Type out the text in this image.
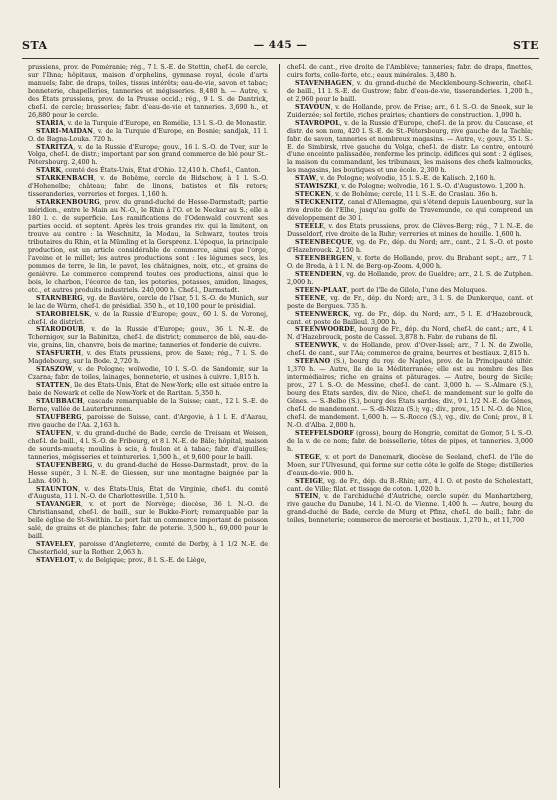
STA	— 445 —	STE

prussiens, prov. de Poméranie; rég., 7 l. S.-E. de Stettin, chef-l. de cercle, sur l'Ihna; hôpitaux, maison d'orphelins, gymnase royal, école d'arts manuels; fabr. de draps, toiles, tissus intérêts; eau-de-vie, savon et tabac; bonneterie, chapelleries, tanneries et mégisseries. 8,480 h. — Autre, v. des États prussiens, prov. de la Prusse occid.; rég., 9 l. S. de Dantrick, chef-l. de cercle; brasseries; fabr. d'eau-de-vie et tanneries. 3,690 h., et 26,880 pour le cercle.

STARIA, v. de la Turquie d'Europe, en Romélie, 13 l. S.-O. de Monastir.

STARI-MAIDAN, v. de la Turquie d'Europe, en Bosnie; sandjak, 11 l. O. de Bagna-Louka. 720 h.

STARITZA, v. de la Russie d'Europe; gouv., 16 l. S.-O. de Tver, sur le Volga, chef-l. de distr.; important par son grand commerce de blé pour St.-Pétersbourg. 2,400 h.

STARK, comté des États-Unis, État d'Ohio. 12,410 h. Chef-l., Canton.

STARKENBACH, v. de Bohême, cercle de Bidschow, à 1 l. S.-O. d'Hohenelbe; château; fabr. de linons, batistes et fils retors; tisseranderies, verreries et forges. 1,160 h.

STARKENBOURG, prov. du grand-duché de Hesse-Darmstadt; partie méridion., entre le Main au N.-O., le Rhin à l'O. et le Neckar au S.; elle a 180 l. c. de superficie. Les ramifications de l'Odenwald couvrent ses parties occid. et septent. Après les trois grandes riv. qui la limitent, on trouve au centre : la Weschnitz, la Modau, la Schwarz, toutes trois tributaires du Rhin, et la Mümling et la Gersprenz. L'époque, la principale production, est un article considérable de commerce, ainsi que l'orge, l'avoine et le millet; les autres productions sont : les légumes secs, les pommes de terre, le lin, le pavot, les châtaignes, noix, etc., et grains de genièvre. Le commerce comprend toutes ces productions, ainsi que le bois, le charbon, l'écorce de tan, les poteries, potasses, amidon, linages, etc., et autres produits industriels. 240,000 h. Chef-l., Darmstadt.

STARNBERG, vg. de Bavière, cercle de l'Isar, 5 l. S.-O. de Munich, sur le lac de Würm, chef-l. de présidial. 350 h., et 10,100 pour le présidial.

STAROBIELSK, v. de la Russie d'Europe; gouv., 60 l. S. de Voronej, chef-l. de district.

STARODOUB, v. de la Russie d'Europe; gouv., 36 l. N.-E. de Tchernigov, sur la Babinitza, chef-l. de district; commerce de blé, eau-de-vie, grains, lin, chanvre, bois de marine; tanneries et fonderie de cuivre.

STASFURTH, v. des États prussiens, prov. de Saxe; rég., 7 l. S. de Magdebourg, sur la Bode. 2,720 h.

STASZOW, v. de Pologne; woïwodie, 10 l. S.-O. de Sandomir, sur la Czarna; fabr. de toiles, lainages, bonneterie, et usines à cuivre. 1,815 h.

STATTEN, île des États-Unis, État de New-York; elle est située entre la baie de Newark et celle de New-York et de Raritan. 5,350 h.

STAUBBACH, cascade remarquable de la Suisse; cant., 12 l. S.-E. de Berne, vallée de Lauterbrunnen.

STAUFBERG, paroisse de Suisse, cant. d'Argovie, à 1 l. E. d'Aarau, rive gauche de l'Aa. 2,163 h.

STAUFEN, v. du grand-duché de Bade, cercle de Treisam et Weisen, chef-l. de baill., 4 l. S.-O. de Fribourg, et 8 l. N.-E. de Bâle; hôpital, maison de sourds-muets; moulins à scie, à foulon et à tabac; fabr. d'aiguilles; tanneries, mégisseries et teintureries. 1,500 h., et 9,600 pour le baill.

STAUFENBERG, v. du grand-duché de Hesse-Darmstadt, prov. de la Hesse supér., 3 l. N.-E. de Giessen, sur une montagne baignée par la Lahn. 490 h.

STAUNTON, v. des États-Unis, État de Virginie, chef-l. du comté d'Augusta, 11 l. N.-O. de Charlottesville. 1,510 h.

STAVANGER, v. et port de Norvège; diocèse, 36 l. N.-O. de Christiansand, chef-l. de baill., sur le Bukke-Fiort; remarquable par la belle église de St-Swithin. Le port fait un commerce important de poisson salé, de grains et de planches; fabr. de poterie. 3,500 h., 69,000 pour le baill.

STAVELEY, paroisse d'Angleterre, comté de Derby, à 1 1/2 N.-E. de Chesterfield, sur la Rother. 2,063 h.

STAVELOT, v. de Belgique; prov., 8 l. S.-E. de Liège,

chef-l. de cant., rive droite de l'Amblève; tanneries; fabr. de draps, finettes, cuirs forts, colle-forte, etc.; eaux minérales. 3,480 h.

STAVENHAGEN, v. du grand-duché de Mecklenbourg-Schwerin, chef-l. de baill., 11 l. S.-E. de Gustrow; fabr. d'eau-de-vie, tisseranderies. 1,200 h., et 2,960 pour le baill.

STAVOUN, v. de Hollande, prov. de Frise; arr., 6 l. S.-O. de Sneek, sur le Zuiderzée; sol fertile, riches prairies; chantiers de construction. 1,090 h.

STAVROPOL, v. de la Russie d'Europe, chef-l. de la prov. du Caucase, et distr. de son nom, 420 l. S.-E. de St.-Pétersbourg, rive gauche de la Tachla; fabr. de savon, tanneries et nombreux magasins. — Autre, v.; gouv., 35 l. S.-E. de Simbirsk, rive gauche du Volga, chef-l. de distr. Le centre, entouré d'une enceinte palissadée, renferme les princip. édifices qui sont : 2 églises, la maison du commandant, les tribunaux, les maisons des chefs kalmoucks, les magasins, les boutiques et une école. 2,300 h.

STAW, v. de Pologne; woïvodie, 15 l. S.-E. de Kalisch. 2,160 h.

STAWISZKI, v. de Pologne; woïvodie, 16 l. S.-O. d'Augustowo. 1,200 h.

STECKEN, v. de Bohême; cercle, 11 l. S.-E. de Craslau. 36o h.

STECKENITZ, canal d'Allemagne, qui s'étend depuis Lauenbourg, sur la rive droite de l'Elbe, jusqu'au golfe de Travemunde, ce qui comprend un développement de 30 l.

STEELE, v. des États prussiens, prov. de Clèves-Berg; rég., 7 l. N.-E. de Dusseldorf, rive droite de la Ruhr; verreries et mines de houille. 1,600 h.

STEENBECQUE, vg. de Fr., dép. du Nord; arr., cant., 2 l. S.-O. et poste d'Hazebrouck. 2,150 h.

STEENBERGEN, v. forte de Hollande, prov. du Brabant sept.; arr., 7 l. O. de Breda, à 1 l. N. de Berg-op-Zoom. 4,000 h.

STEENDERN, vg. de Hollande, prov. de Gueldre; arr., 2 l. S. de Zutphen. 2,000 h.

STEEN-PLAAT, port de l'île de Gilolo, l'une des Moluques.

STEENE, vg. de Fr., dép. du Nord; arr., 3 l. S. de Dunkerque, cant. et poste de Bergues. 735 h.

STEENWERCK, vg. de Fr., dép. du Nord; arr., 5 l. E. d'Hazebrouck, cant. et poste de Bailleul. 3,000 h.

STEENWOORDE, bourg de Fr., dép. du Nord, chef-l. de cant.; arr., 4 l. N. d'Hazebrouck, poste de Cassel. 3,878 h. Fabr. de rubans de fil.

STEENWYK, v. de Hollande, prov. d'Over-Issel; arr., 7 l. N. de Zwolle, chef-l. de cant., sur l'Aa; commerce de grains, beurres et bestiaux. 2,815 h.

STEFANO (S.), bourg du roy. de Naples, prov. de la Principauté ultér. 1,370 h. — Autre, île de la Méditerranée; elle est au nombre des îles intermédiaires; riche en grains et pâturages. — Autre, bourg de Sicile; prov., 27 l. S.-O. de Messine, chef-l. de cant. 3,000 h. — S.-Almare (S.), bourg des États sardes, div. de Nice, chef-l. de mandement sur le golfe de Gênes. — S.-Belbo (S.), bourg des États sardes; div., 9 l. 1/2 N.-E. de Gênes, chef-l. de mandement. — S.-di-Nizza (S.); vg.; div., prov., 15 l. N.-O. de Nice, chef-l. de mandement. 1,600 h. — S.-Rocco (S.), vg., div. de Coni; prov., 8 l. N.-O. d'Alba. 2,000 h.

STEFFELSDORF (gross), bourg de Hongrie, comitat de Gomor, 5 l. S.-O. de la v. de ce nom; fabr. de boissellerie, têtes de pipes, et tanneries. 3,000 h.

STEGE, v. et port de Danemark, diocèse de Seeland, chef-l. de l'île de Moen, sur l'Ulvesund, qui forme sur cette côte le golfe de Stege; distilleries d'eaux-de-vie. 900 h.

STEIGE, vg. de Fr., dép. du B.-Rhin; arr., 4 l. O. et poste de Schelestatt, cant. de Ville; filat. et tissage de coton. 1,020 h.

STEIN, v. de l'archiduché d'Autriche, cercle supér. du Manhartzberg, rive gauche du Danube, 14 l. N.-O. de Vienne. 1,400 h. — Autre, bourg du grand-duché de Bade, cercle de Murg et Pfinz, chef-l. de baill.; fabr. de toiles, bonneterie; commerce de mercerie et bestiaux. 1,270 h., et 11,700
